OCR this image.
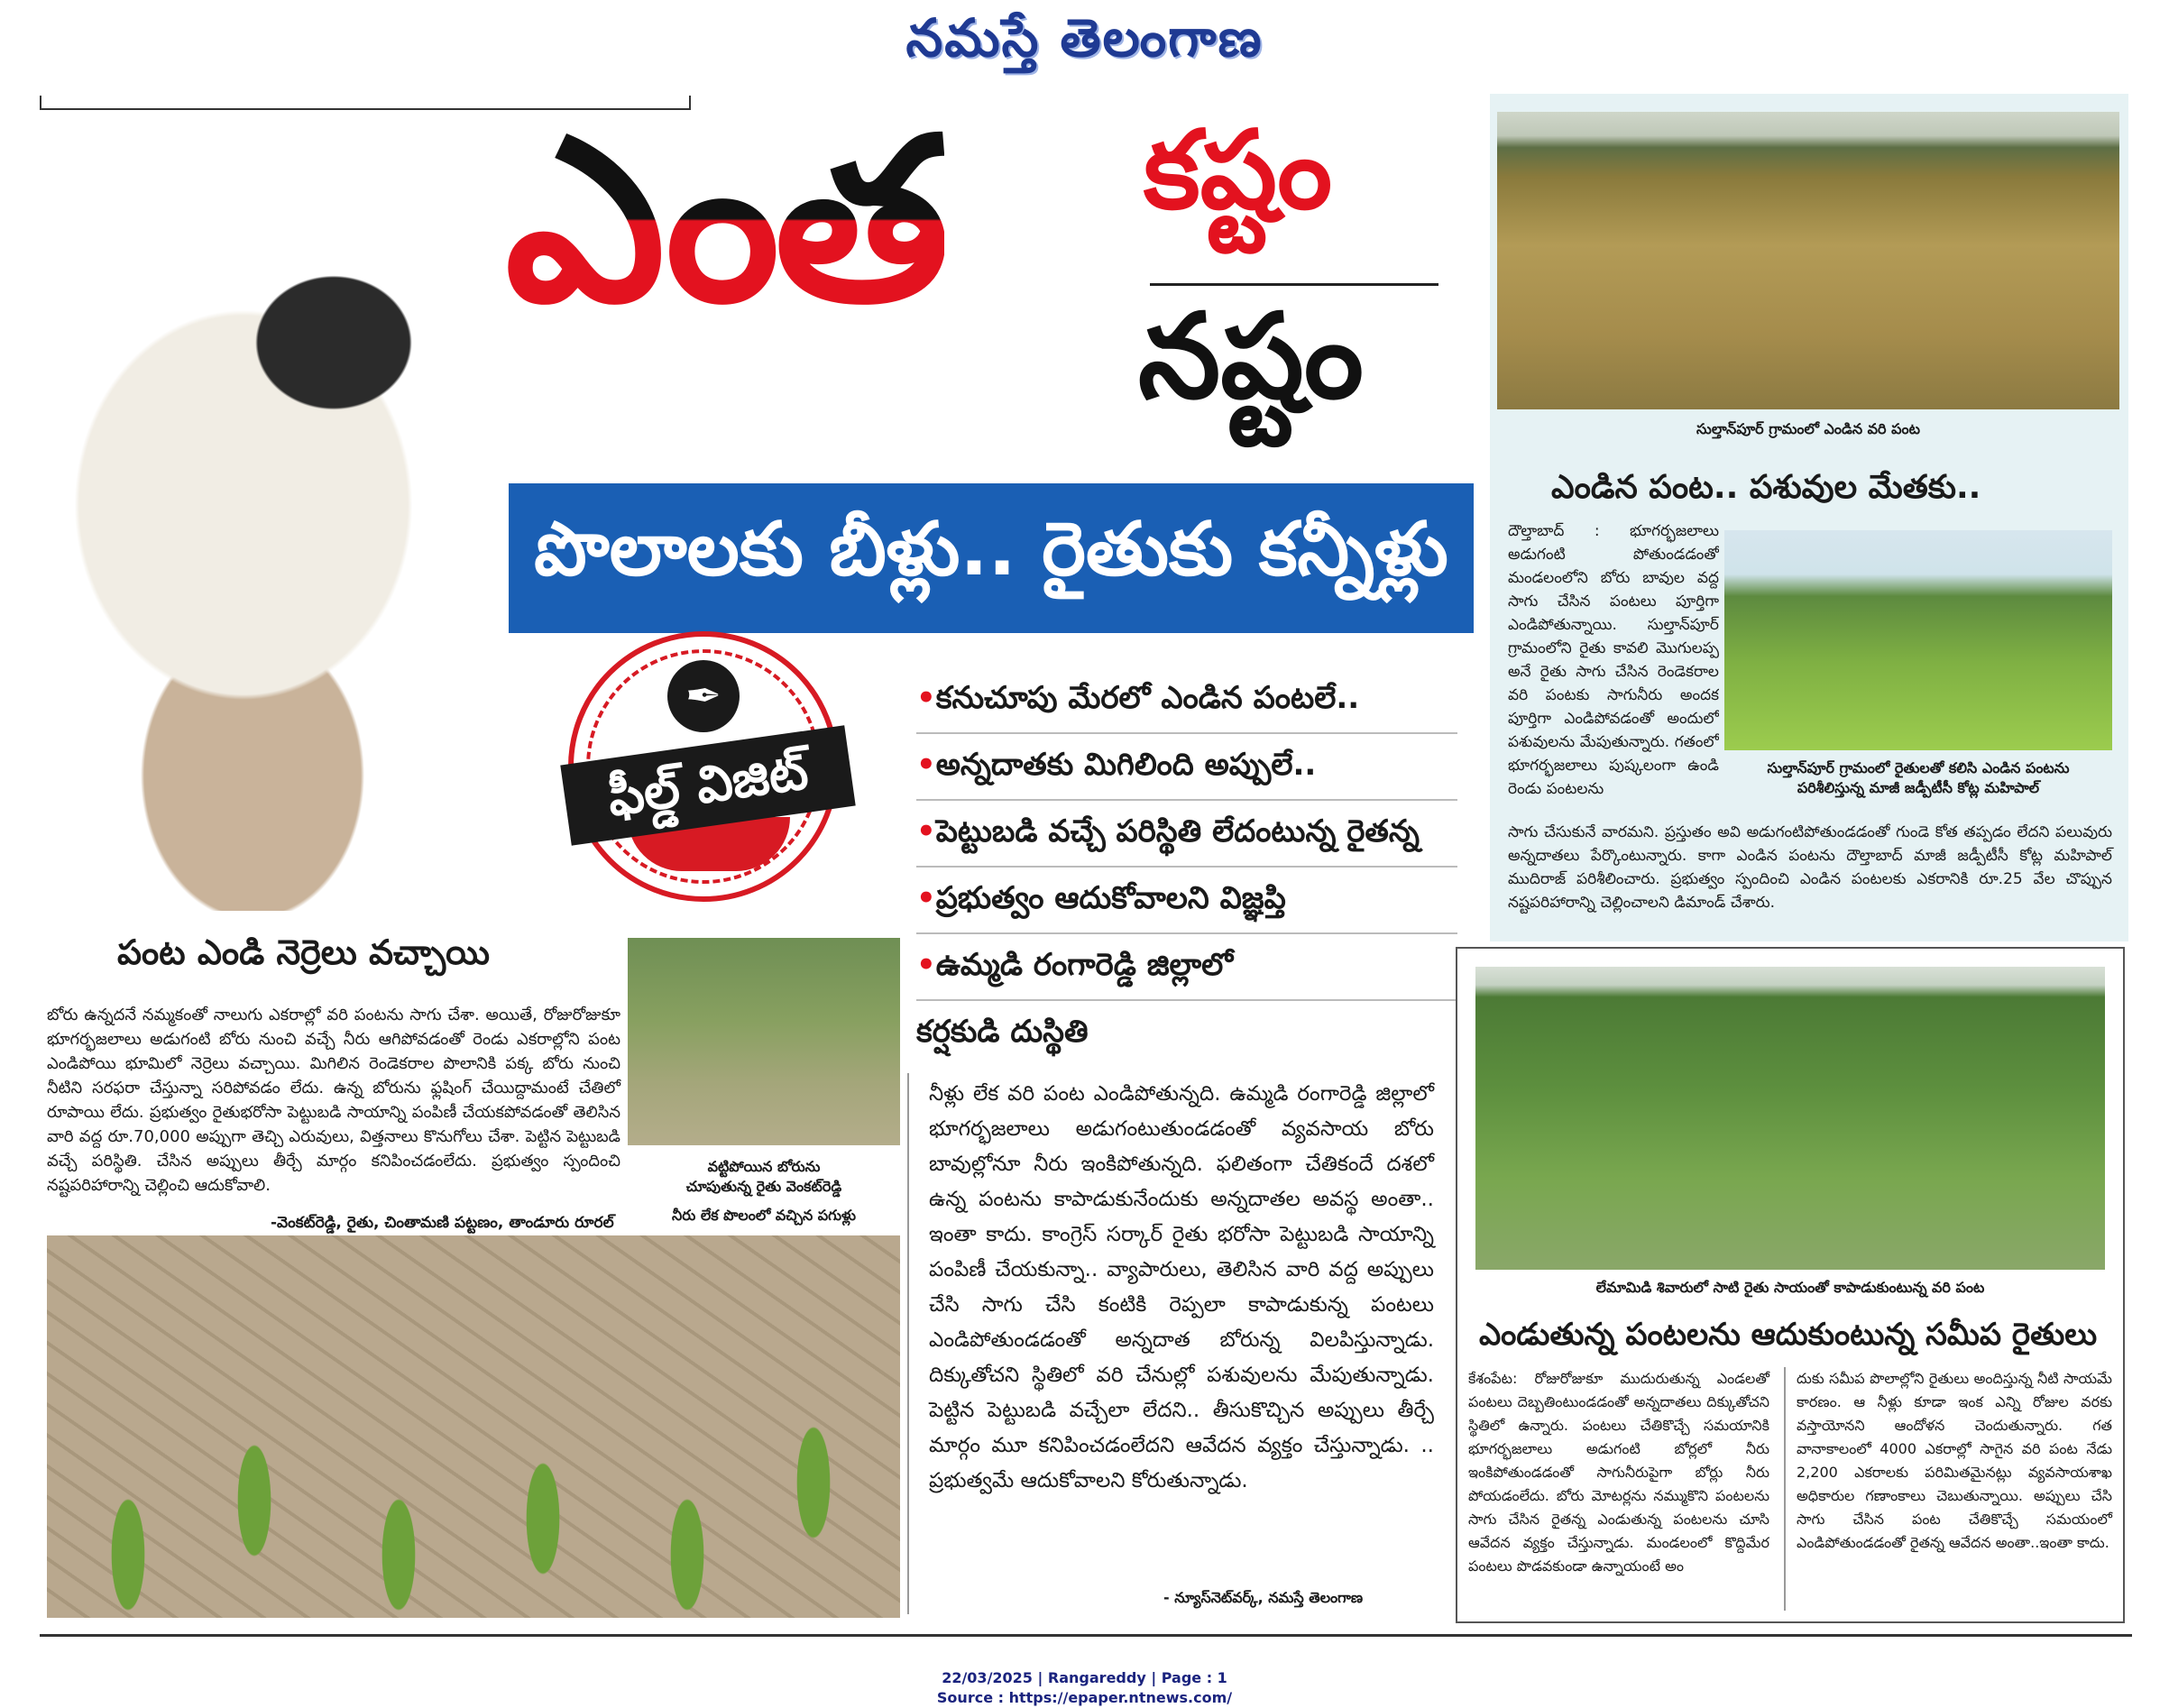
నమస్తే తెలంగాణ
ఎంత కష్టం
నష్టం
పొలాలకు బీళ్లు.. రైతుకు కన్నీళ్లు
✒
ఫీల్డ్ విజిట్

•కనుచూపు మేరలో ఎండిన పంటలే..

•అన్నదాతకు మిగిలింది అప్పులే..

•పెట్టుబడి వచ్చే పరిస్థితి లేదంటున్న రైతన్న

•ప్రభుత్వం ఆదుకోవాలని విజ్ఞప్తి

•ఉమ్మడి రంగారెడ్డి జిల్లాలో

కర్షకుడి దుస్థితి

పంట ఎండి నెర్రెలు వచ్చాయి
బోరు ఉన్నదనే నమ్మకంతో నాలుగు ఎకరాల్లో వరి పంటను సాగు చేశా. అయితే, రోజురోజుకూ భూగర్భజలాలు అడుగంటి బోరు నుంచి వచ్చే నీరు ఆగిపోవడంతో రెండు ఎకరాల్లోని పంట ఎండిపోయి భూమిలో నెర్రెలు వచ్చాయి. మిగిలిన రెండెకరాల పొలానికి పక్క బోరు నుంచి నీటిని సరఫరా చేస్తున్నా సరిపోవడం లేదు. ఉన్న బోరును ఫ్లషింగ్ చేయిద్దామంటే చేతిలో రూపాయి లేదు. ప్రభుత్వం రైతుభరోసా పెట్టుబడి సాయాన్ని పంపిణీ చేయకపోవడంతో తెలిసిన వారి వద్ద రూ.70,000 అప్పుగా తెచ్చి ఎరువులు, విత్తనాలు కొనుగోలు చేశా. పెట్టిన పెట్టుబడి వచ్చే పరిస్థితి. చేసిన అప్పులు తీర్చే మార్గం కనిపించడంలేదు. ప్రభుత్వం స్పందించి నష్టపరిహారాన్ని చెల్లించి ఆదుకోవాలి.
-వెంకట్‌రెడ్డి, రైతు, చింతామణి పట్టణం, తాండూరు రూరల్
వట్టిపోయిన బోరును
చూపుతున్న రైతు వెంకట్‌రెడ్డి
నీరు లేక పొలంలో వచ్చిన పగుళ్లు
నీళ్లు లేక వరి పంట ఎండిపోతున్నది. ఉమ్మడి రంగారెడ్డి జిల్లాలో భూగర్భజలాలు అడుగంటుతుండడంతో వ్యవసాయ బోరు బావుల్లోనూ నీరు ఇంకిపోతున్నది. ఫలితంగా చేతికందే దశలో ఉన్న పంటను కాపాడుకునేందుకు అన్నదాతల అవస్థ అంతా.. ఇంతా కాదు. కాంగ్రెస్ సర్కార్ రైతు భరోసా పెట్టుబడి సాయాన్ని పంపిణీ చేయకున్నా.. వ్యాపారులు, తెలిసిన వారి వద్ద అప్పులు చేసి సాగు చేసి కంటికి రెప్పలా కాపాడుకున్న పంటలు ఎండిపోతుండడంతో అన్నదాత బోరున్న విలపిస్తున్నాడు. దిక్కుతోచని స్థితిలో వరి చేనుల్లో పశువులను మేపుతున్నాడు. పెట్టిన పెట్టుబడి వచ్చేలా లేదని.. తీసుకొచ్చిన అప్పులు తీర్చే మార్గం మూ కనిపించడంలేదని ఆవేదన వ్యక్తం చేస్తున్నాడు. .. ప్రభుత్వమే ఆదుకోవాలని కోరుతున్నాడు.
- న్యూస్‌నెట్‌వర్క్, నమస్తే తెలంగాణ
సుల్తాన్‌పూర్ గ్రామంలో ఎండిన వరి పంట
ఎండిన పంట.. పశువుల మేతకు..
దౌల్తాబాద్ : భూగర్భజలాలు అడుగంటి పోతుండడంతో మండలంలోని బోరు బావుల వద్ద సాగు చేసిన పంటలు పూర్తిగా ఎండిపోతున్నాయి. సుల్తాన్‌పూర్ గ్రామంలోని రైతు కావలి మొగులప్ప అనే రైతు సాగు చేసిన రెండెకరాల వరి పంటకు సాగునీరు అందక పూర్తిగా ఎండిపోవడంతో అందులో పశువులను మేపుతున్నారు. గతంలో భూగర్భజలాలు పుష్కలంగా ఉండి రెండు పంటలను
సుల్తాన్‌పూర్ గ్రామంలో రైతులతో కలిసి ఎండిన పంటను
పరిశీలిస్తున్న మాజీ జడ్పీటీసీ కోట్ల మహిపాల్
సాగు చేసుకునే వారమని. ప్రస్తుతం అవి అడుగంటిపోతుండడంతో గుండె కోత తప్పడం లేదని పలువురు అన్నదాతలు పేర్కొంటున్నారు. కాగా ఎండిన పంటను దౌల్తాబాద్ మాజీ జడ్పీటీసీ కోట్ల మహిపాల్ ముదిరాజ్ పరిశీలించారు. ప్రభుత్వం స్పందించి ఎండిన పంటలకు ఎకరానికి రూ.25 వేల చొప్పున నష్టపరిహారాన్ని చెల్లించాలని డిమాండ్ చేశారు.
లేమామిడి శివారులో సాటి రైతు సాయంతో కాపాడుకుంటున్న వరి పంట
ఎండుతున్న పంటలను ఆదుకుంటున్న సమీప రైతులు
కేశంపేట: రోజురోజుకూ ముదురుతున్న ఎండలతో పంటలు దెబ్బతింటుండడంతో అన్నదాతలు దిక్కుతోచని స్థితిలో ఉన్నారు. పంటలు చేతికొచ్చే సమయానికి భూగర్భజలాలు అడుగంటి బోర్లలో నీరు ఇంకిపోతుండడంతో సాగునీరుపైగా బోర్లు నీరు పోయడంలేదు. బోరు మోటర్లను నమ్ముకొని పంటలను సాగు చేసిన రైతన్న ఎండుతున్న పంటలను చూసి ఆవేదన వ్యక్తం చేస్తున్నాడు. మండలంలో కొద్దిమేర పంటలు పొడవకుండా ఉన్నాయంటే అం
దుకు సమీప పొలాల్లోని రైతులు అందిస్తున్న నీటి సాయమే కారణం. ఆ నీళ్లు కూడా ఇంక ఎన్ని రోజుల వరకు వస్తాయోనని ఆందోళన చెందుతున్నారు. గత వానాకాలంలో 4000 ఎకరాల్లో సాగైన వరి పంట నేడు 2,200 ఎకరాలకు పరిమితమైనట్లు వ్యవసాయశాఖ అధికారుల గణాంకాలు చెబుతున్నాయి. అప్పులు చేసి సాగు చేసిన పంట చేతికొచ్చే సమయంలో ఎండిపోతుండడంతో రైతన్న ఆవేదన అంతా..ఇంతా కాదు.
22/03/2025 | Rangareddy | Page : 1
Source : https://epaper.ntnews.com/
